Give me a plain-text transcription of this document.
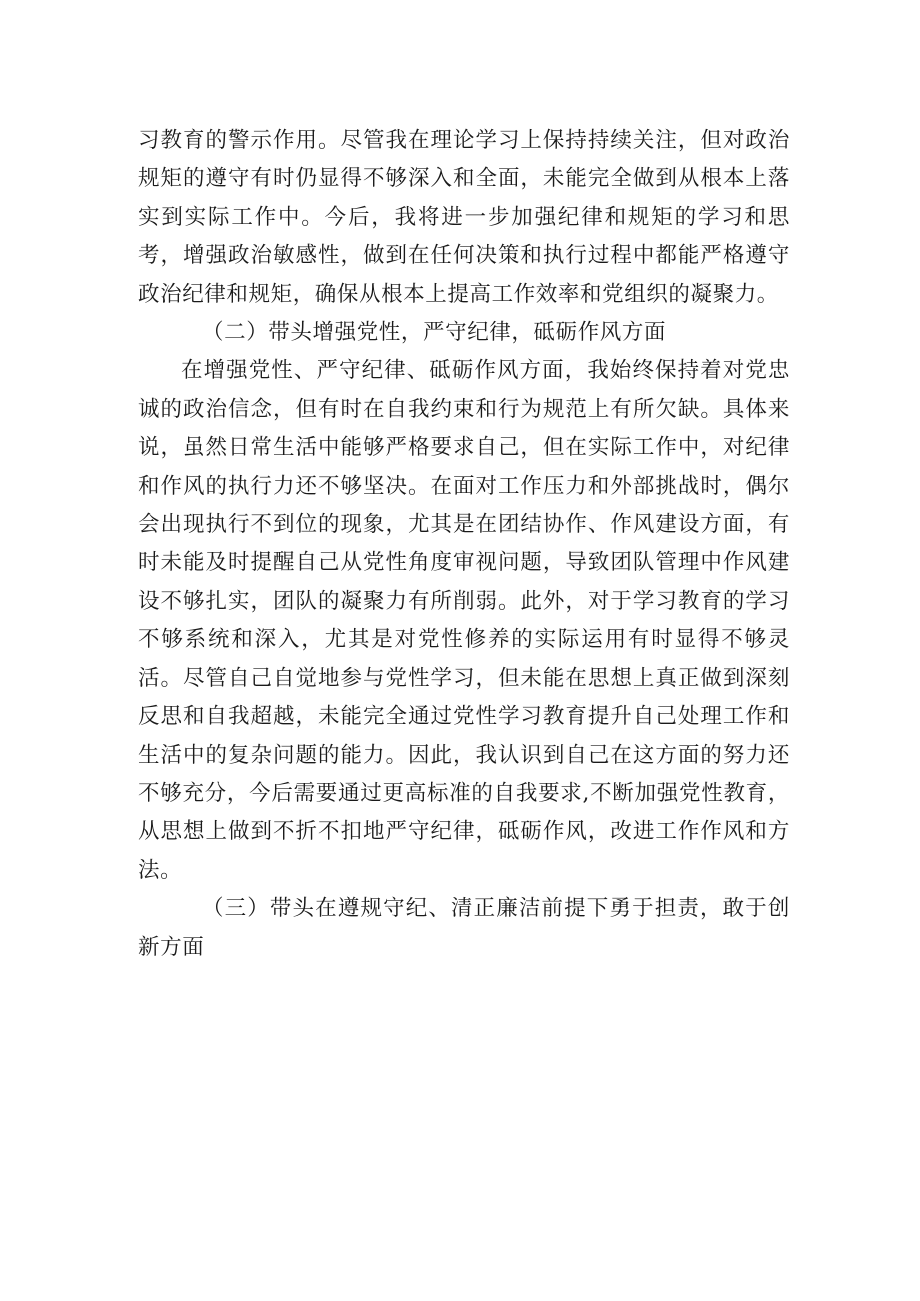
习教育的警示作用。尽管我在理论学习上保持持续关注，但对政治规矩的遵守有时仍显得不够深入和全面，未能完全做到从根本上落实到实际工作中。今后，我将进一步加强纪律和规矩的学习和思考，增强政治敏感性，做到在任何决策和执行过程中都能严格遵守政治纪律和规矩，确保从根本上提高工作效率和党组织的凝聚力。

（二）带头增强党性，严守纪律，砥砺作风方面

在增强党性、严守纪律、砥砺作风方面，我始终保持着对党忠诚的政治信念，但有时在自我约束和行为规范上有所欠缺。具体来说，虽然日常生活中能够严格要求自己，但在实际工作中，对纪律和作风的执行力还不够坚决。在面对工作压力和外部挑战时，偶尔会出现执行不到位的现象，尤其是在团结协作、作风建设方面，有时未能及时提醒自己从党性角度审视问题，导致团队管理中作风建设不够扎实，团队的凝聚力有所削弱。此外，对于学习教育的学习不够系统和深入，尤其是对党性修养的实际运用有时显得不够灵活。尽管自己自觉地参与党性学习，但未能在思想上真正做到深刻反思和自我超越，未能完全通过党性学习教育提升自己处理工作和生活中的复杂问题的能力。因此，我认识到自己在这方面的努力还不够充分，今后需要通过更高标准的自我要求,不断加强党性教育，从思想上做到不折不扣地严守纪律，砥砺作风，改进工作作风和方法。

（三）带头在遵规守纪、清正廉洁前提下勇于担责，敢于创新方面
